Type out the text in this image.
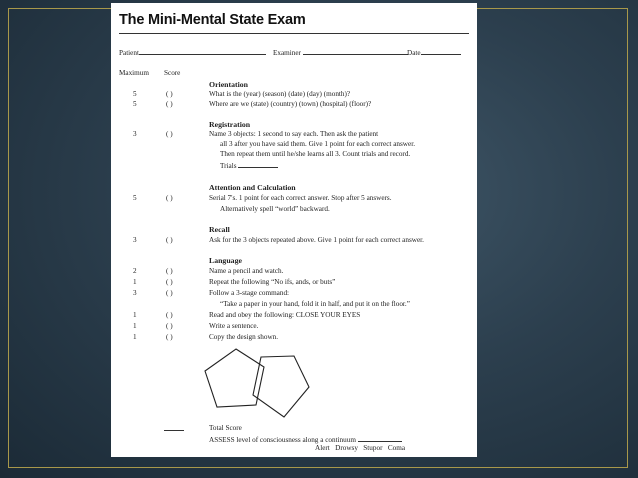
The Mini-Mental State Exam
Patient	Examiner	Date
Maximum Score
Orientation
5	( )	What is the (year) (season) (date) (day) (month)?
5	( )	Where are we (state) (country) (town) (hospital) (floor)?
Registration
3	( )	Name 3 objects: 1 second to say each. Then ask the patient
all 3 after you have said them. Give 1 point for each correct answer.
Then repeat them until he/she learns all 3. Count trials and record.
Trials
Attention and Calculation
5	( )	Serial 7's. 1 point for each correct answer. Stop after 5 answers.
Alternatively spell “world” backward.
Recall
3	( )	Ask for the 3 objects repeated above. Give 1 point for each correct answer.
Language
2	( )	Name a pencil and watch.
1	( )	Repeat the following “No ifs, ands, or buts”
3	( )	Follow a 3-stage command:
“Take a paper in your hand, fold it in half, and put it on the floor.”
1	( )	Read and obey the following: CLOSE YOUR EYES
1	( )	Write a sentence.
1	( )	Copy the design shown.
Total Score
ASSESS level of consciousness along a continuum
Alert   Drowsy   Stupor   Coma
